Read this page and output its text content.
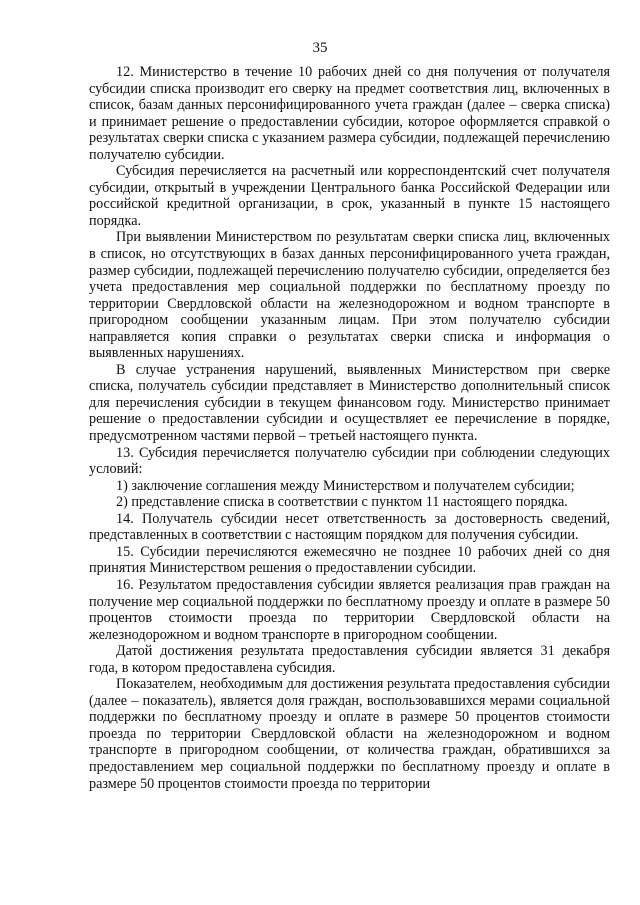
35

12. Министерство в течение 10 рабочих дней со дня получения от получателя субсидии списка производит его сверку на предмет соответствия лиц, включенных в список, базам данных персонифицированного учета граждан (далее – сверка списка) и принимает решение о предоставлении субсидии, которое оформляется справкой о результатах сверки списка с указанием размера субсидии, подлежащей перечислению получателю субсидии.

Субсидия перечисляется на расчетный или корреспондентский счет получателя субсидии, открытый в учреждении Центрального банка Российской Федерации или российской кредитной организации, в срок, указанный в пункте 15 настоящего порядка.

При выявлении Министерством по результатам сверки списка лиц, включенных в список, но отсутствующих в базах данных персонифицированного учета граждан, размер субсидии, подлежащей перечислению получателю субсидии, определяется без учета предоставления мер социальной поддержки по бесплатному проезду по территории Свердловской области на железнодорожном и водном транспорте в пригородном сообщении указанным лицам. При этом получателю субсидии направляется копия справки о результатах сверки списка и информация о выявленных нарушениях.

В случае устранения нарушений, выявленных Министерством при сверке списка, получатель субсидии представляет в Министерство дополнительный список для перечисления субсидии в текущем финансовом году. Министерство принимает решение о предоставлении субсидии и осуществляет ее перечисление в порядке, предусмотренном частями первой – третьей настоящего пункта.

13. Субсидия перечисляется получателю субсидии при соблюдении следующих условий:

1) заключение соглашения между Министерством и получателем субсидии;

2) представление списка в соответствии с пунктом 11 настоящего порядка.

14. Получатель субсидии несет ответственность за достоверность сведений, представленных в соответствии с настоящим порядком для получения субсидии.

15. Субсидии перечисляются ежемесячно не позднее 10 рабочих дней со дня принятия Министерством решения о предоставлении субсидии.

16. Результатом предоставления субсидии является реализация прав граждан на получение мер социальной поддержки по бесплатному проезду и оплате в размере 50 процентов стоимости проезда по территории Свердловской области на железнодорожном и водном транспорте в пригородном сообщении.

Датой достижения результата предоставления субсидии является 31 декабря года, в котором предоставлена субсидия.

Показателем, необходимым для достижения результата предоставления субсидии (далее – показатель), является доля граждан, воспользовавшихся мерами социальной поддержки по бесплатному проезду и оплате в размере 50 процентов стоимости проезда по территории Свердловской области на железнодорожном и водном транспорте в пригородном сообщении, от количества граждан, обратившихся за предоставлением мер социальной поддержки по бесплатному проезду и оплате в размере 50 процентов стоимости проезда по территории
